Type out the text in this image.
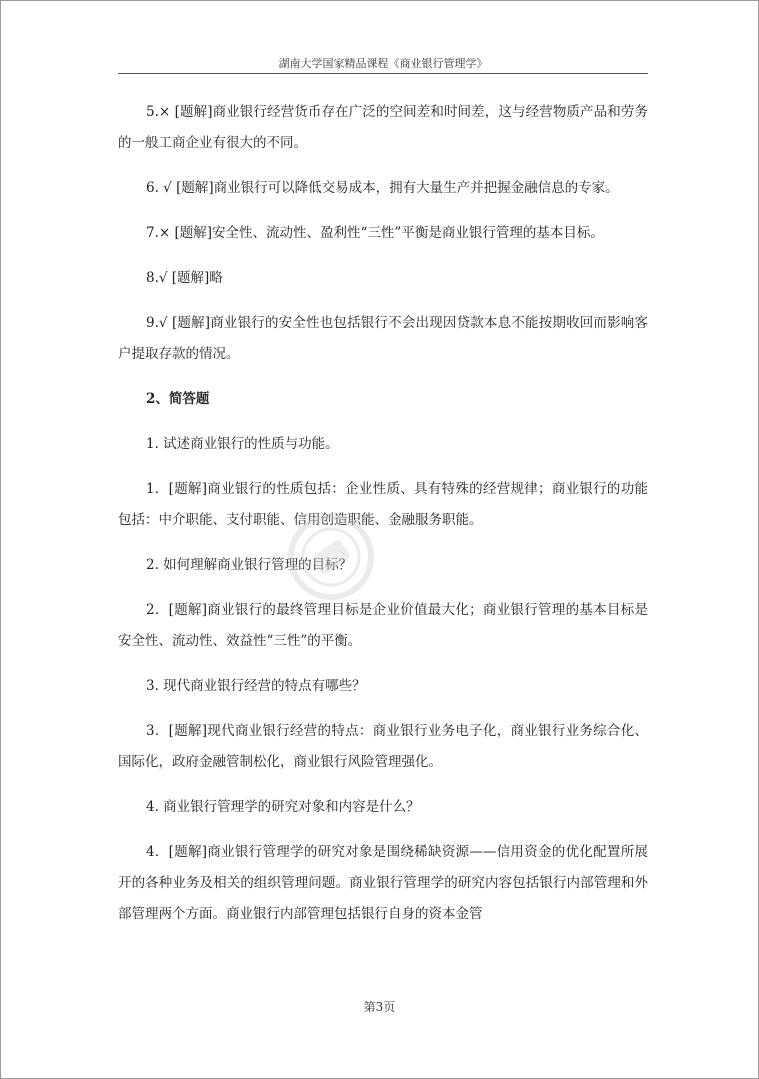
湖南大学国家精品课程《商业银行管理学》

5.× [题解]商业银行经营货币存在广泛的空间差和时间差，这与经营物质产品和劳务的一般工商企业有很大的不同。

6. √ [题解]商业银行可以降低交易成本，拥有大量生产并把握金融信息的专家。

7.× [题解]安全性、流动性、盈利性“三性”平衡是商业银行管理的基本目标。

8.√ [题解]略

9.√ [题解]商业银行的安全性也包括银行不会出现因贷款本息不能按期收回而影响客户提取存款的情况。

2、简答题

1. 试述商业银行的性质与功能。

1．[题解]商业银行的性质包括：企业性质、具有特殊的经营规律；商业银行的功能包括：中介职能、支付职能、信用创造职能、金融服务职能。

2. 如何理解商业银行管理的目标？

2．[题解]商业银行的最终管理目标是企业价值最大化；商业银行管理的基本目标是安全性、流动性、效益性“三性”的平衡。

3. 现代商业银行经营的特点有哪些？

3．[题解]现代商业银行经营的特点：商业银行业务电子化，商业银行业务综合化、国际化，政府金融管制松化，商业银行风险管理强化。

4. 商业银行管理学的研究对象和内容是什么？

4．[题解]商业银行管理学的研究对象是围绕稀缺资源——信用资金的优化配置所展开的各种业务及相关的组织管理问题。商业银行管理学的研究内容包括银行内部管理和外部管理两个方面。商业银行内部管理包括银行自身的资本金管

第3页
